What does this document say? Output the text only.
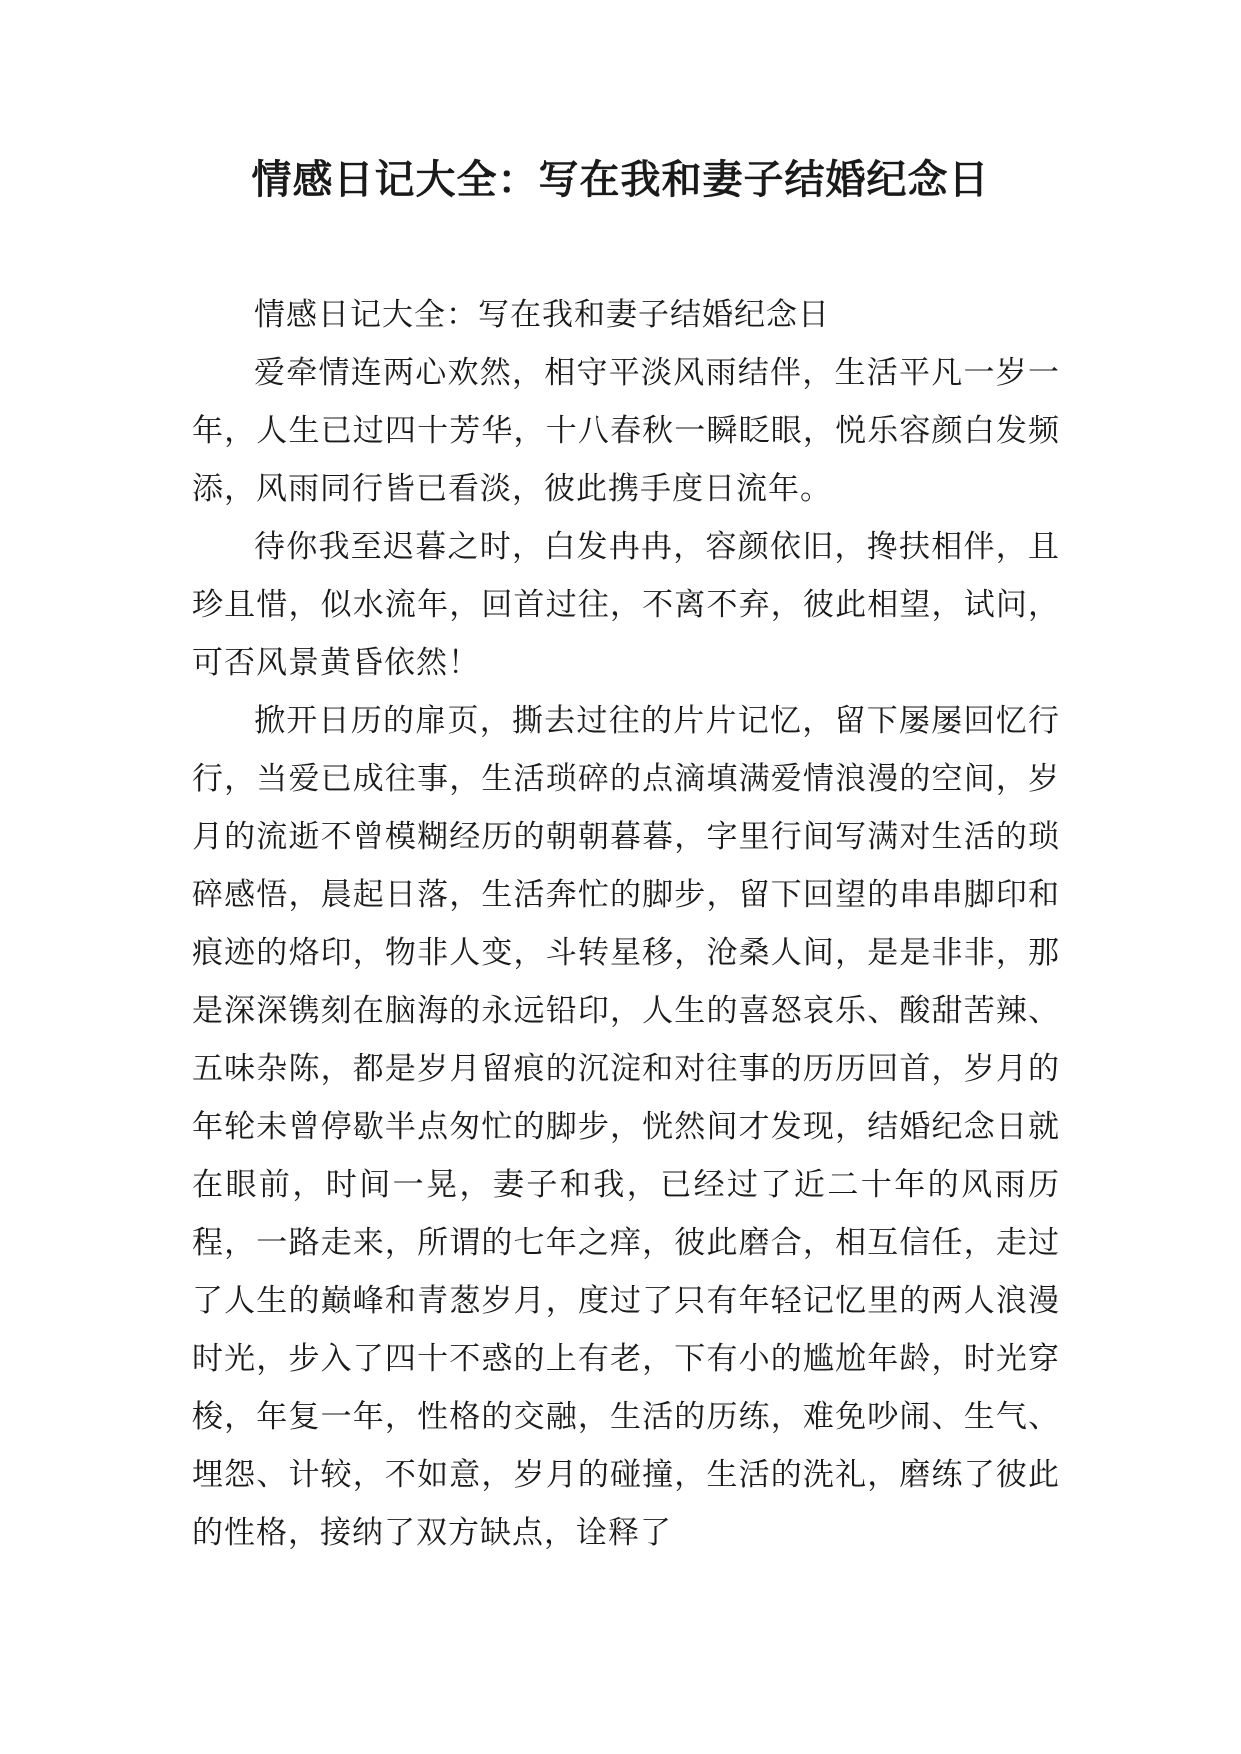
情感日记大全：写在我和妻子结婚纪念日

情感日记大全：写在我和妻子结婚纪念日

爱牵情连两心欢然，相守平淡风雨结伴，生活平凡一岁一年，人生已过四十芳华，十八春秋一瞬眨眼，悦乐容颜白发频添，风雨同行皆已看淡，彼此携手度日流年。

待你我至迟暮之时，白发冉冉，容颜依旧，搀扶相伴，且珍且惜，似水流年，回首过往，不离不弃，彼此相望，试问，可否风景黄昏依然！

掀开日历的扉页，撕去过往的片片记忆，留下屡屡回忆行行，当爱已成往事，生活琐碎的点滴填满爱情浪漫的空间，岁月的流逝不曾模糊经历的朝朝暮暮，字里行间写满对生活的琐碎感悟，晨起日落，生活奔忙的脚步，留下回望的串串脚印和痕迹的烙印，物非人变，斗转星移，沧桑人间，是是非非，那是深深镌刻在脑海的永远铅印，人生的喜怒哀乐、酸甜苦辣、五味杂陈，都是岁月留痕的沉淀和对往事的历历回首，岁月的年轮未曾停歇半点匆忙的脚步，恍然间才发现，结婚纪念日就在眼前，时间一晃，妻子和我，已经过了近二十年的风雨历程，一路走来，所谓的七年之痒，彼此磨合，相互信任，走过了人生的巅峰和青葱岁月，度过了只有年轻记忆里的两人浪漫时光，步入了四十不惑的上有老，下有小的尴尬年龄，时光穿梭，年复一年，性格的交融，生活的历练，难免吵闹、生气、埋怨、计较，不如意，岁月的碰撞，生活的洗礼，磨练了彼此的性格，接纳了双方缺点，诠释了
